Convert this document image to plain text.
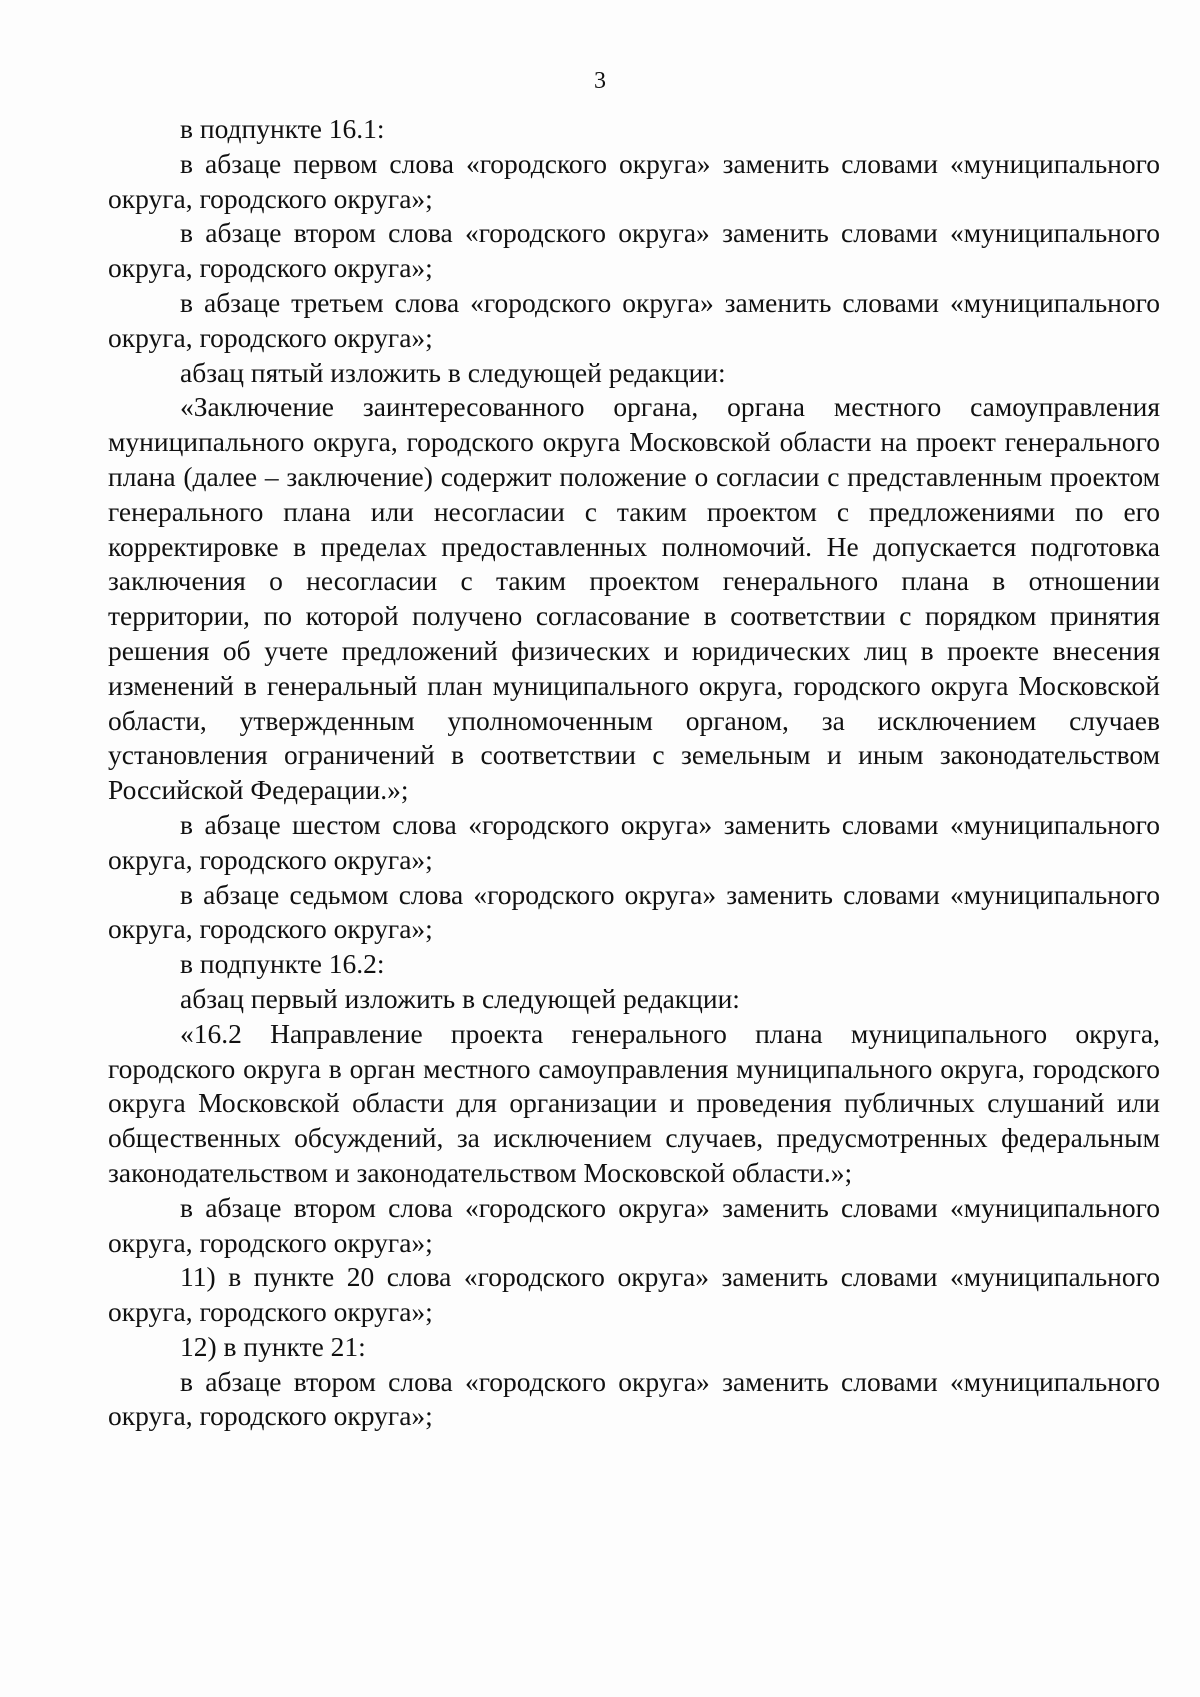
3

в подпункте 16.1:

в абзаце первом слова «городского округа» заменить словами «муниципального округа, городского округа»;

в абзаце втором слова «городского округа» заменить словами «муниципального округа, городского округа»;

в абзаце третьем слова «городского округа» заменить словами «муниципального округа, городского округа»;

абзац пятый изложить в следующей редакции:

«Заключение заинтересованного органа, органа местного самоуправления муниципального округа, городского округа Московской области на проект генерального плана (далее – заключение) содержит положение о согласии с представленным проектом генерального плана или несогласии с таким проектом с предложениями по его корректировке в пределах предоставленных полномочий. Не допускается подготовка заключения о несогласии с таким проектом генерального плана в отношении территории, по которой получено согласование в соответствии с порядком принятия решения об учете предложений физических и юридических лиц в проекте внесения изменений в генеральный план муниципального округа, городского округа Московской области, утвержденным уполномоченным органом, за исключением случаев установления ограничений в соответствии с земельным и иным законодательством Российской Федерации.»;

в абзаце шестом слова «городского округа» заменить словами «муниципального округа, городского округа»;

в абзаце седьмом слова «городского округа» заменить словами «муниципального округа, городского округа»;

в подпункте 16.2:

абзац первый изложить в следующей редакции:

«16.2 Направление проекта генерального плана муниципального округа, городского округа в орган местного самоуправления муниципального округа, городского округа Московской области для организации и проведения публичных слушаний или общественных обсуждений, за исключением случаев, предусмотренных федеральным законодательством и законодательством Московской области.»;

в абзаце втором слова «городского округа» заменить словами «муниципального округа, городского округа»;

11) в пункте 20 слова «городского округа» заменить словами «муниципального округа, городского округа»;

12) в пункте 21:

в абзаце втором слова «городского округа» заменить словами «муниципального округа, городского округа»;
